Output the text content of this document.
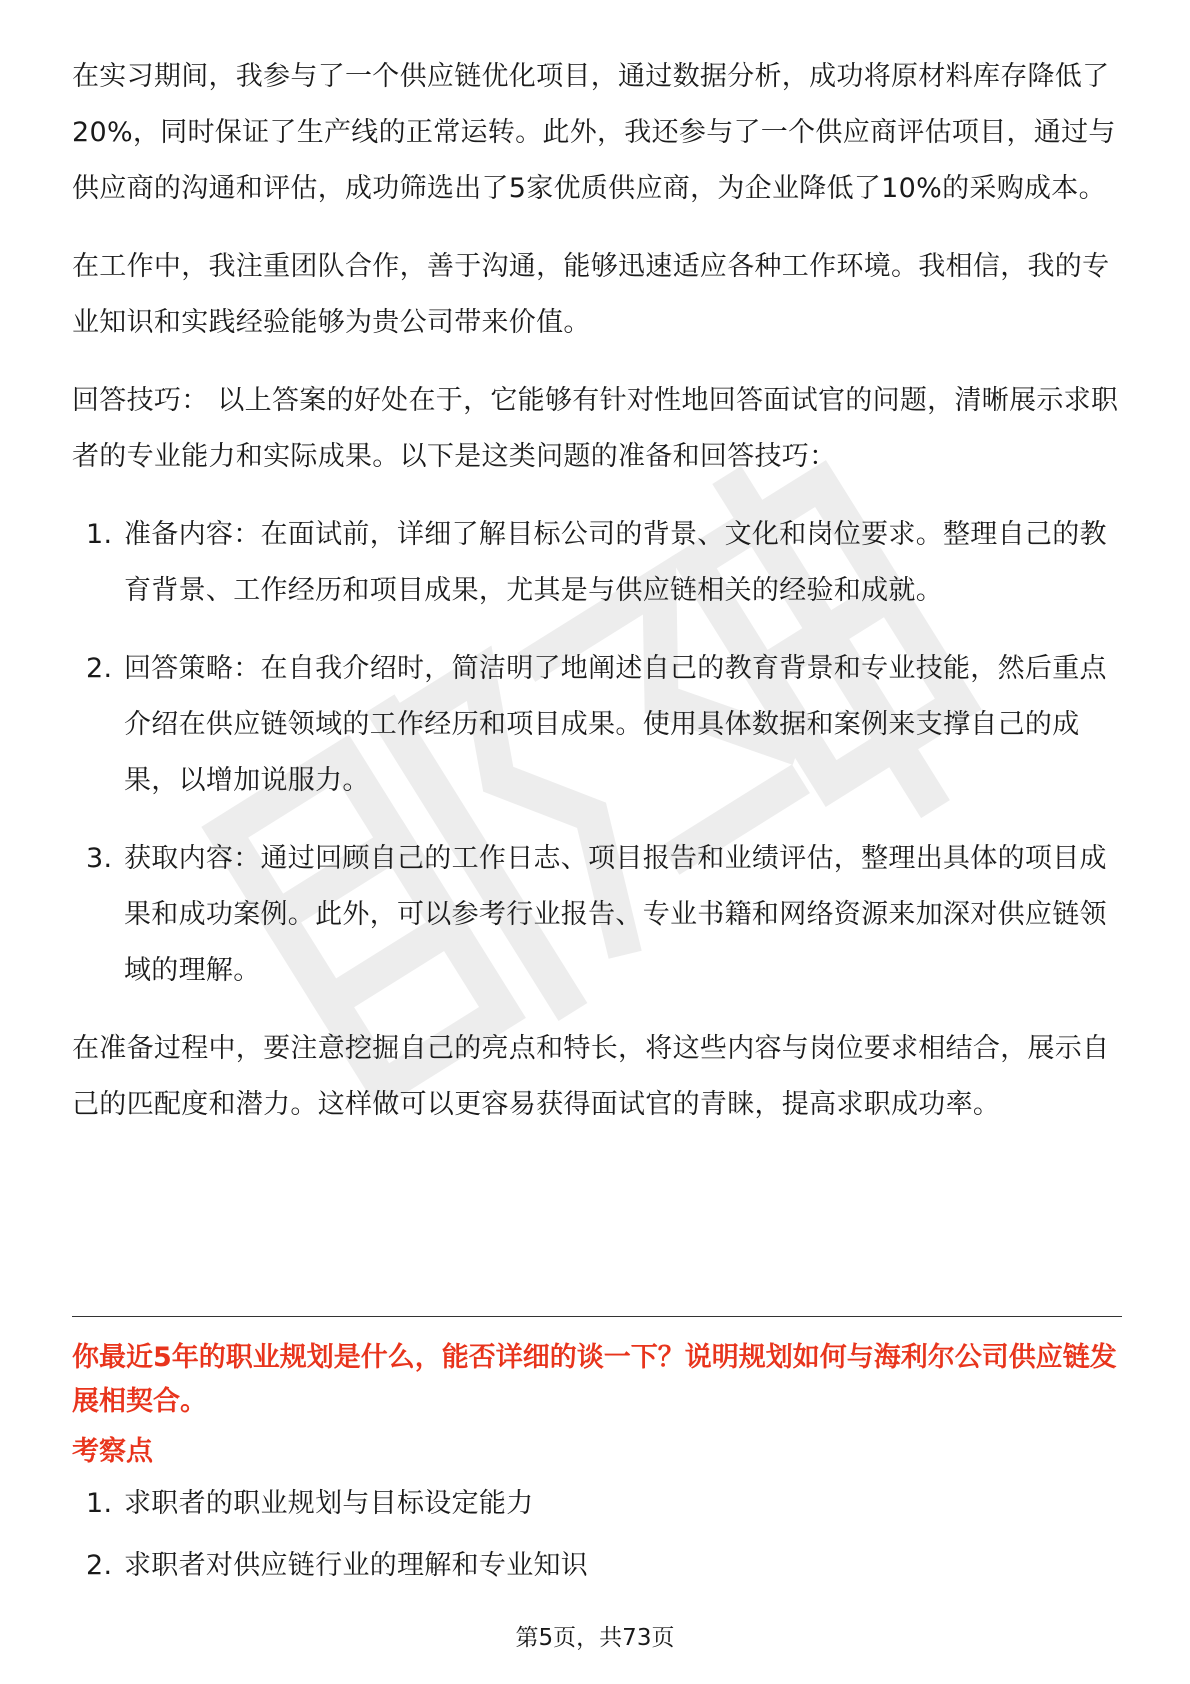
在实习期间，我参与了一个供应链优化项目，通过数据分析，成功将原材料库存降低了20%，同时保证了生产线的正常运转。此外，我还参与了一个供应商评估项目，通过与供应商的沟通和评估，成功筛选出了5家优质供应商，为企业降低了10%的采购成本。

在工作中，我注重团队合作，善于沟通，能够迅速适应各种工作环境。我相信，我的专业知识和实践经验能够为贵公司带来价值。

回答技巧： 以上答案的好处在于，它能够有针对性地回答面试官的问题，清晰展示求职者的专业能力和实际成果。以下是这类问题的准备和回答技巧：

1. 准备内容：在面试前，详细了解目标公司的背景、文化和岗位要求。整理自己的教育背景、工作经历和项目成果，尤其是与供应链相关的经验和成就。
2. 回答策略：在自我介绍时，简洁明了地阐述自己的教育背景和专业技能，然后重点介绍在供应链领域的工作经历和项目成果。使用具体数据和案例来支撑自己的成果，以增加说服力。
3. 获取内容：通过回顾自己的工作日志、项目报告和业绩评估，整理出具体的项目成果和成功案例。此外，可以参考行业报告、专业书籍和网络资源来加深对供应链领域的理解。

在准备过程中，要注意挖掘自己的亮点和特长，将这些内容与岗位要求相结合，展示自己的匹配度和潜力。这样做可以更容易获得面试官的青睐，提高求职成功率。

你最近5年的职业规划是什么，能否详细的谈一下？说明规划如何与海利尔公司供应链发展相契合。

考察点

1. 求职者的职业规划与目标设定能力
2. 求职者对供应链行业的理解和专业知识
第5页，共73页
